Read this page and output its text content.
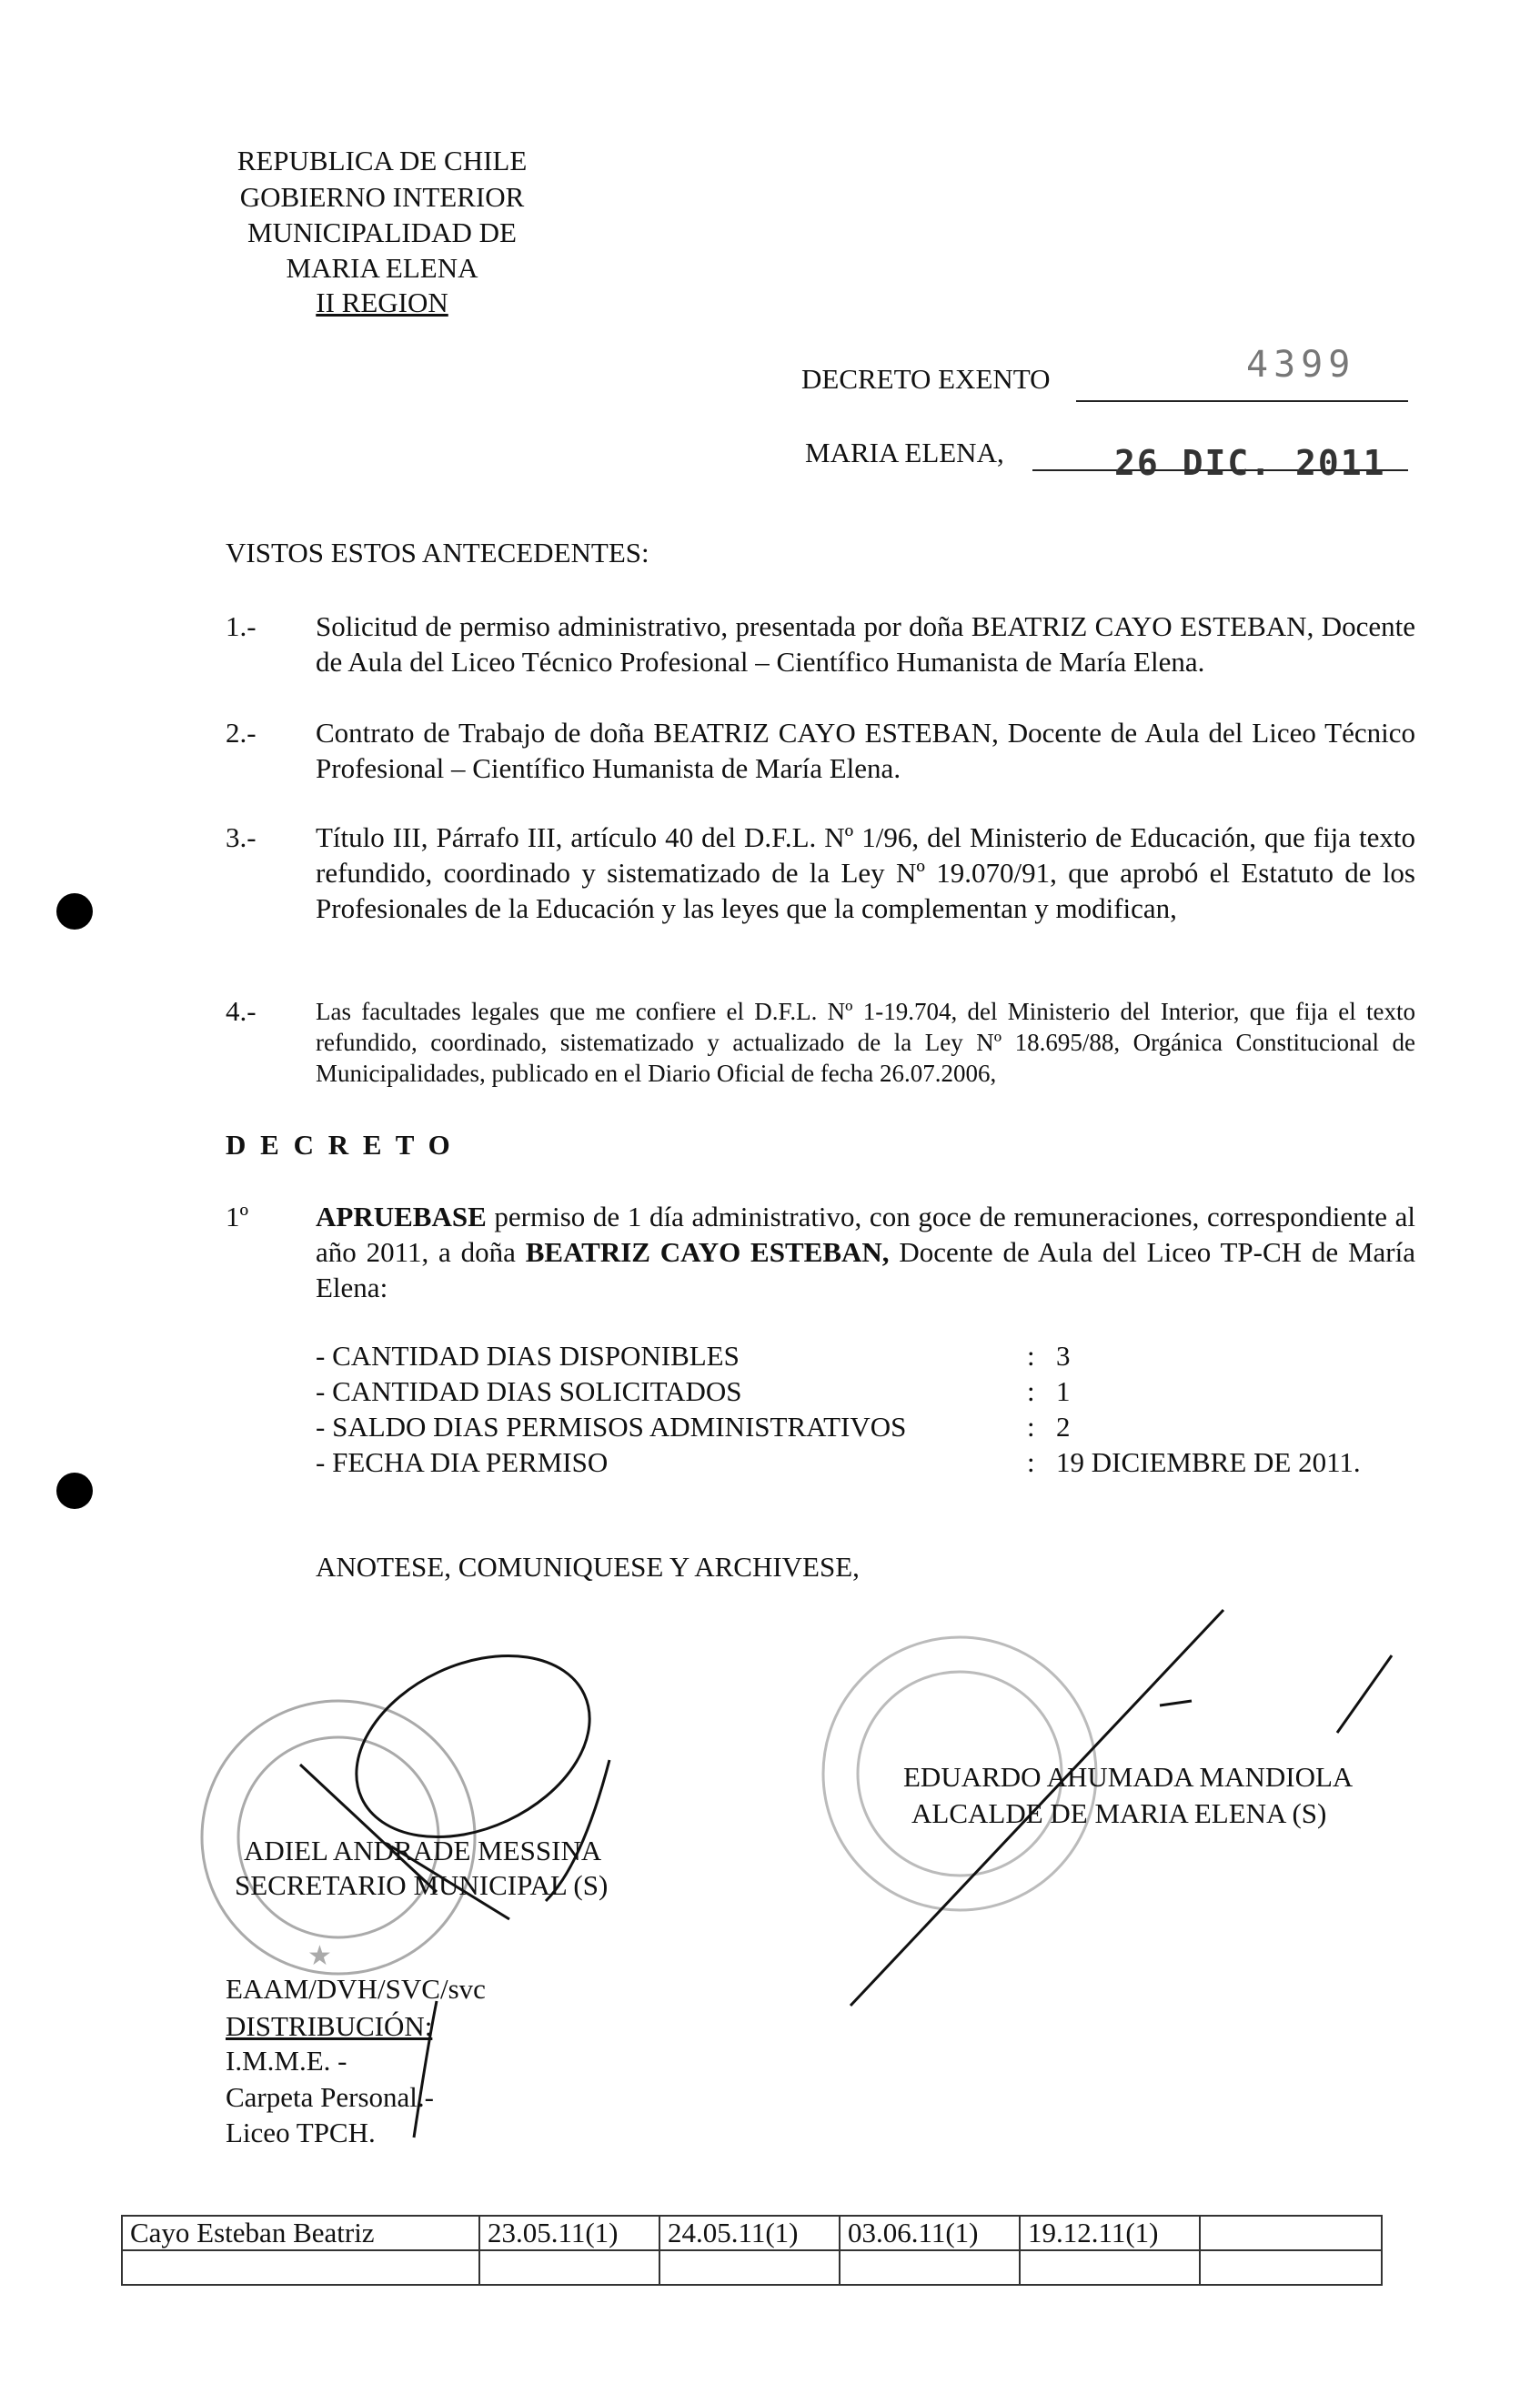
REPUBLICA DE CHILE
GOBIERNO INTERIOR
MUNICIPALIDAD DE
MARIA ELENA
II REGION
DECRETO EXENTO	4399
MARIA ELENA,	26 DIC. 2011
VISTOS ESTOS ANTECEDENTES:
1.- Solicitud de permiso administrativo, presentada por doña BEATRIZ CAYO ESTEBAN, Docente de Aula del Liceo Técnico Profesional – Científico Humanista de María Elena.
2.- Contrato de Trabajo de doña BEATRIZ CAYO ESTEBAN, Docente de Aula del Liceo Técnico Profesional – Científico Humanista de María Elena.
3.- Título III, Párrafo III, artículo 40 del D.F.L. Nº 1/96, del Ministerio de Educación, que fija texto refundido, coordinado y sistematizado de la Ley Nº 19.070/91, que aprobó el Estatuto de los Profesionales de la Educación y las leyes que la complementan y modifican,
4.- Las facultades legales que me confiere el D.F.L. Nº 1-19.704, del Ministerio del Interior, que fija el texto refundido, coordinado, sistematizado y actualizado de la Ley Nº 18.695/88, Orgánica Constitucional de Municipalidades, publicado en el Diario Oficial de fecha 26.07.2006,
D E C R E T O
1º APRUEBASE permiso de 1 día administrativo, con goce de remuneraciones, correspondiente al año 2011, a doña BEATRIZ CAYO ESTEBAN, Docente de Aula del Liceo TP-CH de María Elena:
- CANTIDAD DIAS DISPONIBLES	: 3
- CANTIDAD DIAS SOLICITADOS	: 1
- SALDO DIAS PERMISOS ADMINISTRATIVOS	: 2
- FECHA DIA PERMISO	: 19 DICIEMBRE DE 2011.
ANOTESE, COMUNIQUESE Y ARCHIVESE,
★
ADIEL ANDRADE MESSINA
SECRETARIO MUNICIPAL (S)
EDUARDO AHUMADA MANDIOLA
ALCALDE DE MARIA ELENA (S)
EAAM/DVH/SVC/svc
DISTRIBUCIÓN:
I.M.M.E. -
Carpeta Personal.-
Liceo TPCH.
Cayo Esteban Beatriz	23.05.11(1)	24.05.11(1)	03.06.11(1)	19.12.11(1)	
